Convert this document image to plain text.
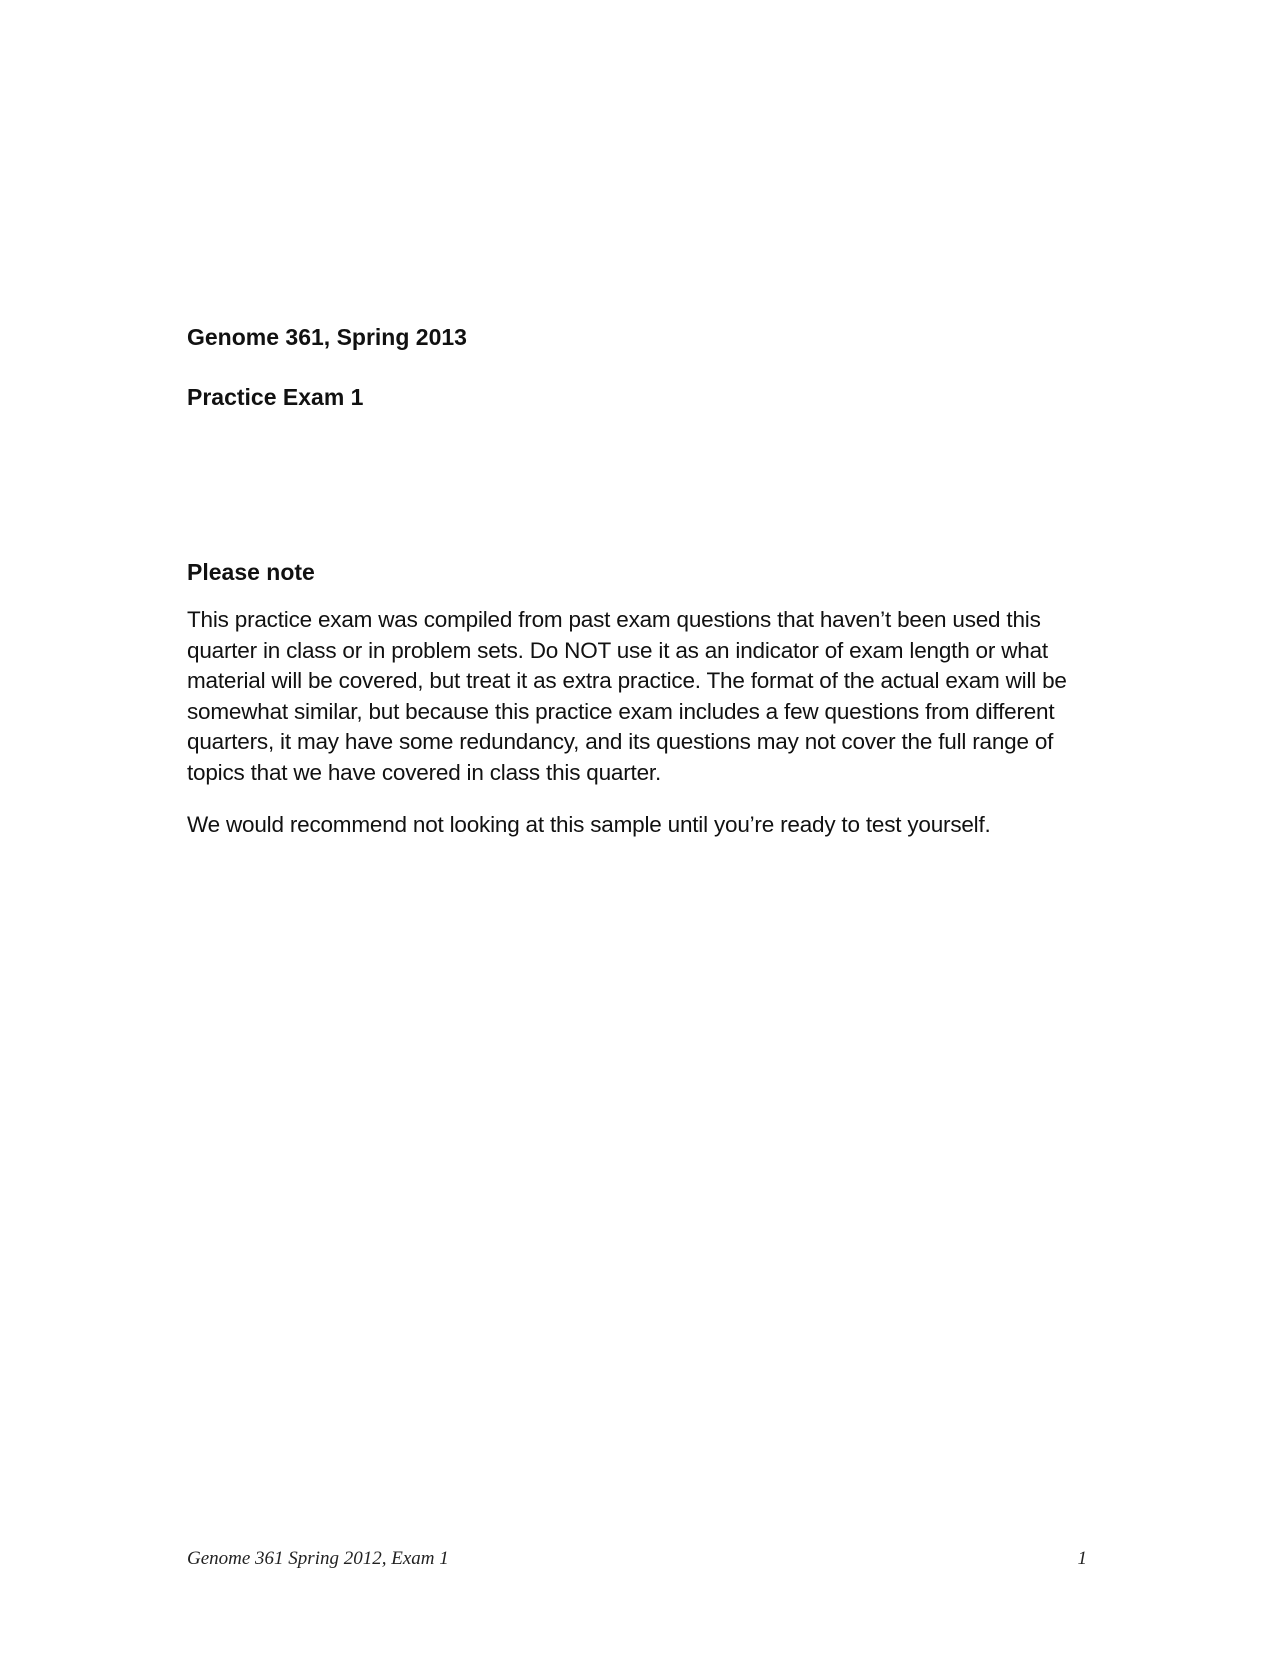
Genome 361, Spring 2013
Practice Exam 1
Please note

This practice exam was compiled from past exam questions that haven’t been used this quarter in class or in problem sets. Do NOT use it as an indicator of exam length or what material will be covered, but treat it as extra practice. The format of the actual exam will be somewhat similar, but because this practice exam includes a few questions from different quarters, it may have some redundancy, and its questions may not cover the full range of topics that we have covered in class this quarter.

We would recommend not looking at this sample until you’re ready to test yourself.

Genome 361 Spring 2012, Exam 1	1
